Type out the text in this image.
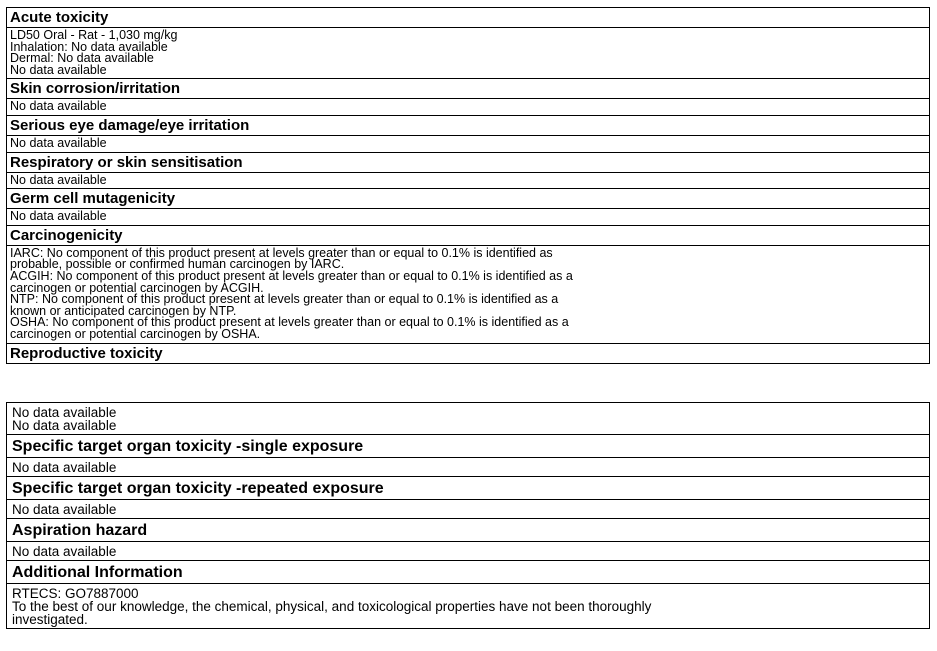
Acute toxicity
LD50 Oral - Rat - 1,030 mg/kg
Inhalation: No data available
Dermal: No data available
No data available
Skin corrosion/irritation
No data available
Serious eye damage/eye irritation
No data available
Respiratory or skin sensitisation
No data available
Germ cell mutagenicity
No data available
Carcinogenicity
IARC: No component of this product present at levels greater than or equal to 0.1% is identified as
probable, possible or confirmed human carcinogen by IARC.
ACGIH: No component of this product present at levels greater than or equal to 0.1% is identified as a
carcinogen or potential carcinogen by ACGIH.
NTP: No component of this product present at levels greater than or equal to 0.1% is identified as a
known or anticipated carcinogen by NTP.
OSHA: No component of this product present at levels greater than or equal to 0.1% is identified as a
carcinogen or potential carcinogen by OSHA.
Reproductive toxicity
No data available
No data available
Specific target organ toxicity -single exposure
No data available
Specific target organ toxicity -repeated exposure
No data available
Aspiration hazard
No data available
Additional Information
RTECS: GO7887000
To the best of our knowledge, the chemical, physical, and toxicological properties have not been thoroughly
investigated.
